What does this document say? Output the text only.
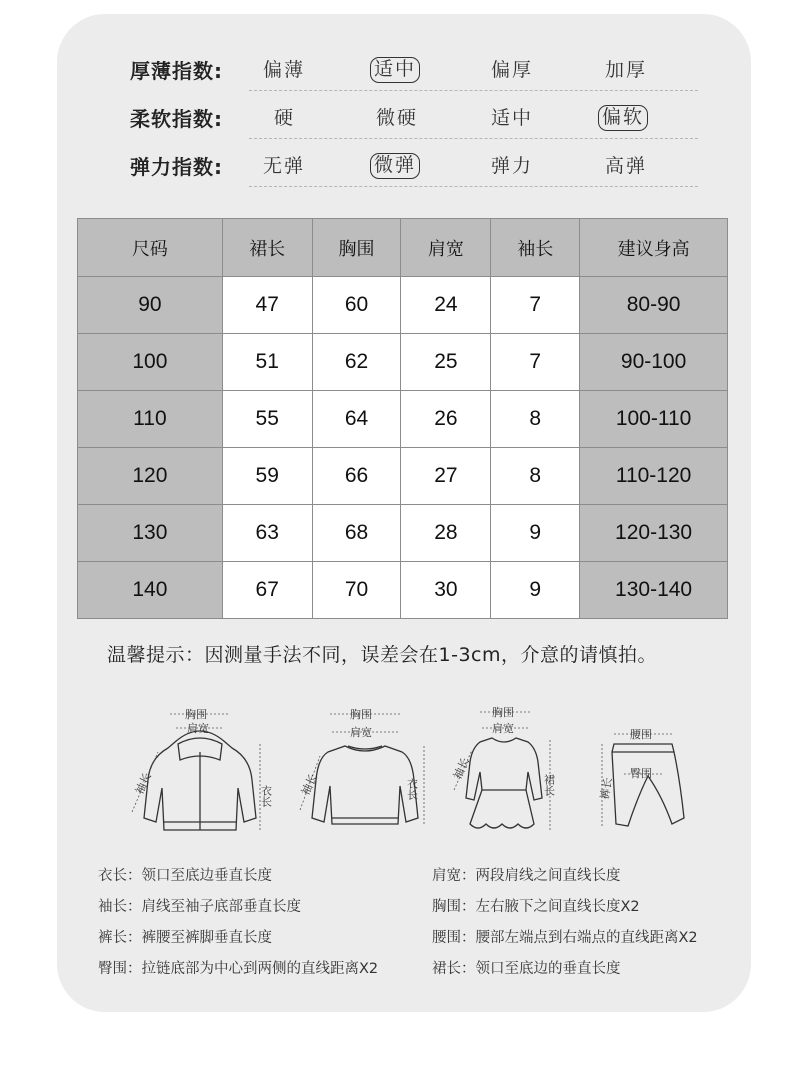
厚薄指数: 偏薄	适中	偏厚	加厚
柔软指数:	硬	微硬	适中	偏软
弹力指数: 无弹	微弹	弹力	高弹
尺码	裙长	胸围	肩宽	袖长	建议身高
90	47	60	24	7	80-90
100	51	62	25	7	90-100
110	55	64	26	8	100-110
120	59	66	27	8	110-120
130	63	68	28	9	120-130
140	67	70	30	9	130-140
温馨提示：因测量手法不同，误差会在1-3cm，介意的请慎拍。
胸围
肩宽
衣长
袖长
胸围
肩宽
衣长
袖长
胸围
肩宽
裙长
袖长
腰围
臀围
裤长
衣长：领口至底边垂直长度	肩宽：两段肩线之间直线长度
袖长：肩线至袖子底部垂直长度	胸围：左右腋下之间直线长度X2
裤长：裤腰至裤脚垂直长度	腰围：腰部左端点到右端点的直线距离X2
臀围：拉链底部为中心到两侧的直线距离X2	裙长：领口至底边的垂直长度
